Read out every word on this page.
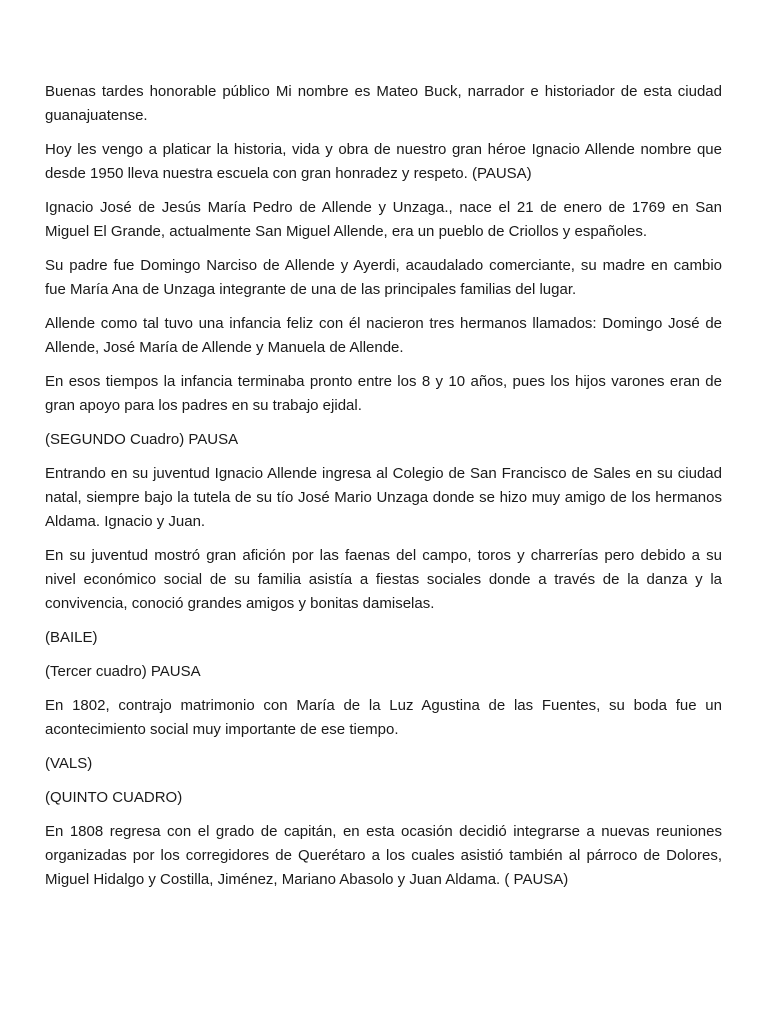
Buenas tardes honorable público Mi nombre es Mateo Buck, narrador e historiador de esta ciudad guanajuatense.

Hoy les vengo a platicar la historia, vida y obra de nuestro gran héroe Ignacio Allende nombre que desde 1950 lleva nuestra escuela con gran honradez y respeto. (PAUSA)

Ignacio José de Jesús María Pedro de Allende y Unzaga., nace el 21 de enero de 1769 en San Miguel El Grande, actualmente San Miguel Allende, era un pueblo de Criollos y españoles.

Su padre fue Domingo Narciso de Allende y Ayerdi, acaudalado comerciante, su madre en cambio fue María Ana de Unzaga integrante de una de las principales familias del lugar.

Allende como tal tuvo una infancia feliz con él nacieron tres hermanos llamados: Domingo José de Allende, José María de Allende y Manuela de Allende.

En esos tiempos la infancia terminaba pronto entre los 8 y 10 años, pues los hijos varones eran de gran apoyo para los padres en su trabajo ejidal.

(SEGUNDO Cuadro) PAUSA

Entrando en su juventud Ignacio Allende ingresa al Colegio de San Francisco de Sales en su ciudad natal, siempre bajo la tutela de su tío José Mario Unzaga donde se hizo muy amigo de los hermanos Aldama. Ignacio y Juan.

En su juventud mostró gran afición por las faenas del campo, toros y charrerías pero debido a su nivel económico social de su familia asistía a fiestas sociales donde a través de la danza y la convivencia, conoció grandes amigos y bonitas damiselas.

(BAILE)

(Tercer cuadro) PAUSA

En 1802, contrajo matrimonio con María de la Luz Agustina de las Fuentes, su boda fue un acontecimiento social muy importante de ese tiempo.

(VALS)

(QUINTO CUADRO)

En 1808 regresa con el grado de capitán, en esta ocasión decidió integrarse a nuevas reuniones organizadas por los corregidores de Querétaro a los cuales asistió también al párroco de Dolores, Miguel Hidalgo y Costilla, Jiménez, Mariano Abasolo y Juan Aldama. ( PAUSA)
